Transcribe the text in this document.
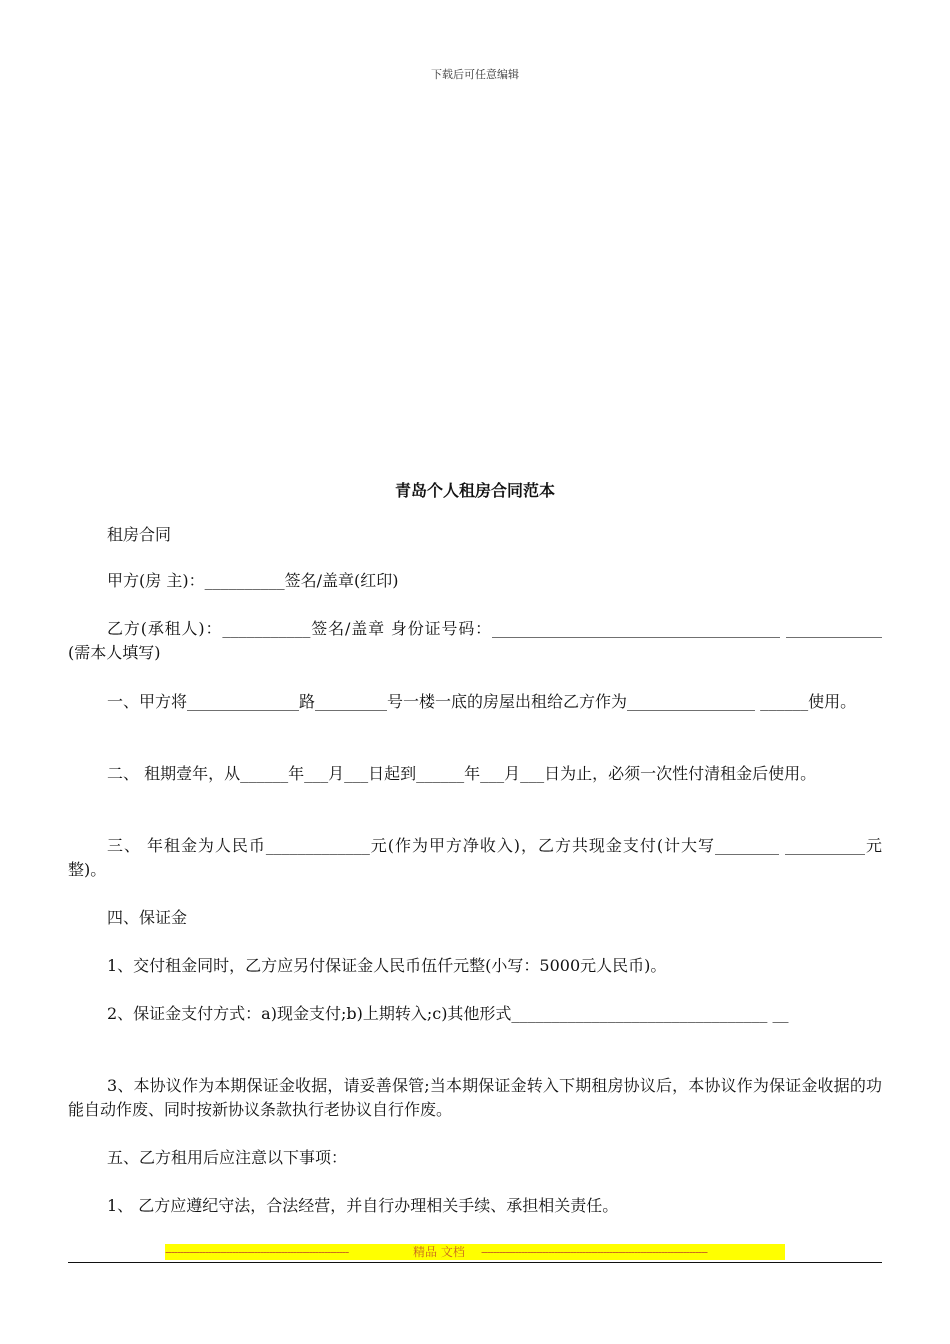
下载后可任意编辑
青岛个人租房合同范本

租房合同

甲方(房 主)：__________签名/盖章(红印)

乙方(承租人)：___________签名/盖章 身份证号码：____________________________________ ____________(需本人填写)

一、甲方将______________路_________号一楼一底的房屋出租给乙方作为________________ ______使用。

二、 租期壹年，从______年___月___日起到______年___月___日为止，必须一次性付清租金后使用。

三、 年租金为人民币_____________元(作为甲方净收入)，乙方共现金支付(计大写________ __________元整)。

四、保证金

1、交付租金同时，乙方应另付保证金人民币伍仟元整(小写：5000元人民币)。

2、保证金支付方式：a)现金支付;b)上期转入;c)其他形式________________________________ __

3、本协议作为本期保证金收据，请妥善保管;当本期保证金转入下期租房协议后，本协议作为保证金收据的功能自动作废、同时按新协议条款执行老协议自行作废。

五、乙方租用后应注意以下事项：

1、 乙方应遵纪守法，合法经营，并自行办理相关手续、承担相关责任。

------------------------------------------------------------	精品 文档 --------------------------------------------------------------------------
